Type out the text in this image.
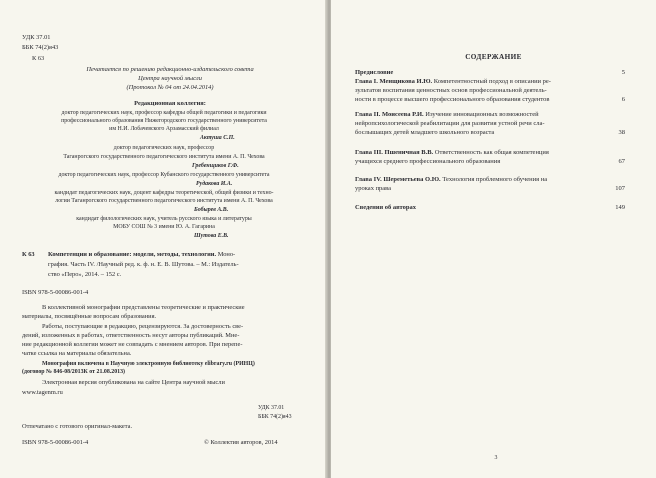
УДК 37.01
ББК 74(2)я43
К 63
Печатается по решению редакционно-издательского совета
Центра научной мысли
(Протокол № 04 от 24.04.2014)
Редакционная коллегия:
доктор педагогических наук, профессор кафедры общей педагогики и педагогики
профессионального образования Нижегородского государственного университета
им Н.И. Лобачевского Арзамасский филиал
Актуша С.П.
доктор педагогических наук, профессор
Таганрогского государственного педагогического института имени А. П. Чехова
Гребенщиков Г.Ф.
доктор педагогических наук, профессор Кубанского государственного университета
Рудакова И.А.
кандидат педагогических наук, доцент кафедры теоретической, общей физики и техно-
логии Таганрогского государственного педагогического института имени А. П. Чехова
Бобырев А.В.
кандидат филологических наук, учитель русского языка и литературы
МОБУ СОШ № 3 имени Ю. А. Гагарина
Шутова Е.В.
К 63 Компетенции и образование: модели, методы, технологии. Моно-
графия. Часть IV. /Научный ред. к. ф. н. Е. В. Шутова. – М.: Издатель-
ство «Перо», 2014. – 152 с.
ISBN 978-5-00086-001-4
В коллективной монографии представлены теоретические и практические
материалы, посвящённые вопросам образования.
Работы, поступающие в редакцию, рецензируются. За достоверность све-
дений, изложенных в работах, ответственность несут авторы публикаций. Мне-
ние редакционной коллегии может не совпадать с мнением авторов. При перепе-
чатке ссылка на материалы обязательна.
Монография включена в Научную электронную библиотеку elibrary.ru (РИНЦ)
(договор № 846-08/2013К от 21.08.2013)
Электронная версия опубликована на сайте Центра научной мысли
www.tagenm.ru
УДК 37.01
ББК 74(2)я43
Отпечатано с готового оригинал-макета.
ISBN 978-5-00086-001-4	© Коллектив авторов, 2014
СОДЕРЖАНИЕ
Предисловие	5
Глава I. Менщикова И.Ю. Компетентностный подход в описании ре-
зультатов воспитания ценностных основ профессиональной деятель-
ности в процессе высшего профессионального образования студентов	6
Глава II. Моисеева Р.И. Изучение инновационных возможностей
нейропсихологической реабилитации для развития устной речи сла-
бослышащих детей младшего школьного возраста	38
Глава III. Пшеничная В.В. Ответственность как общая компетенция
учащихся среднего профессионального образования	67
Глава IV. Шереметьева О.Ю. Технология проблемного обучения на
уроках права	107
Сведения об авторах	149
3
